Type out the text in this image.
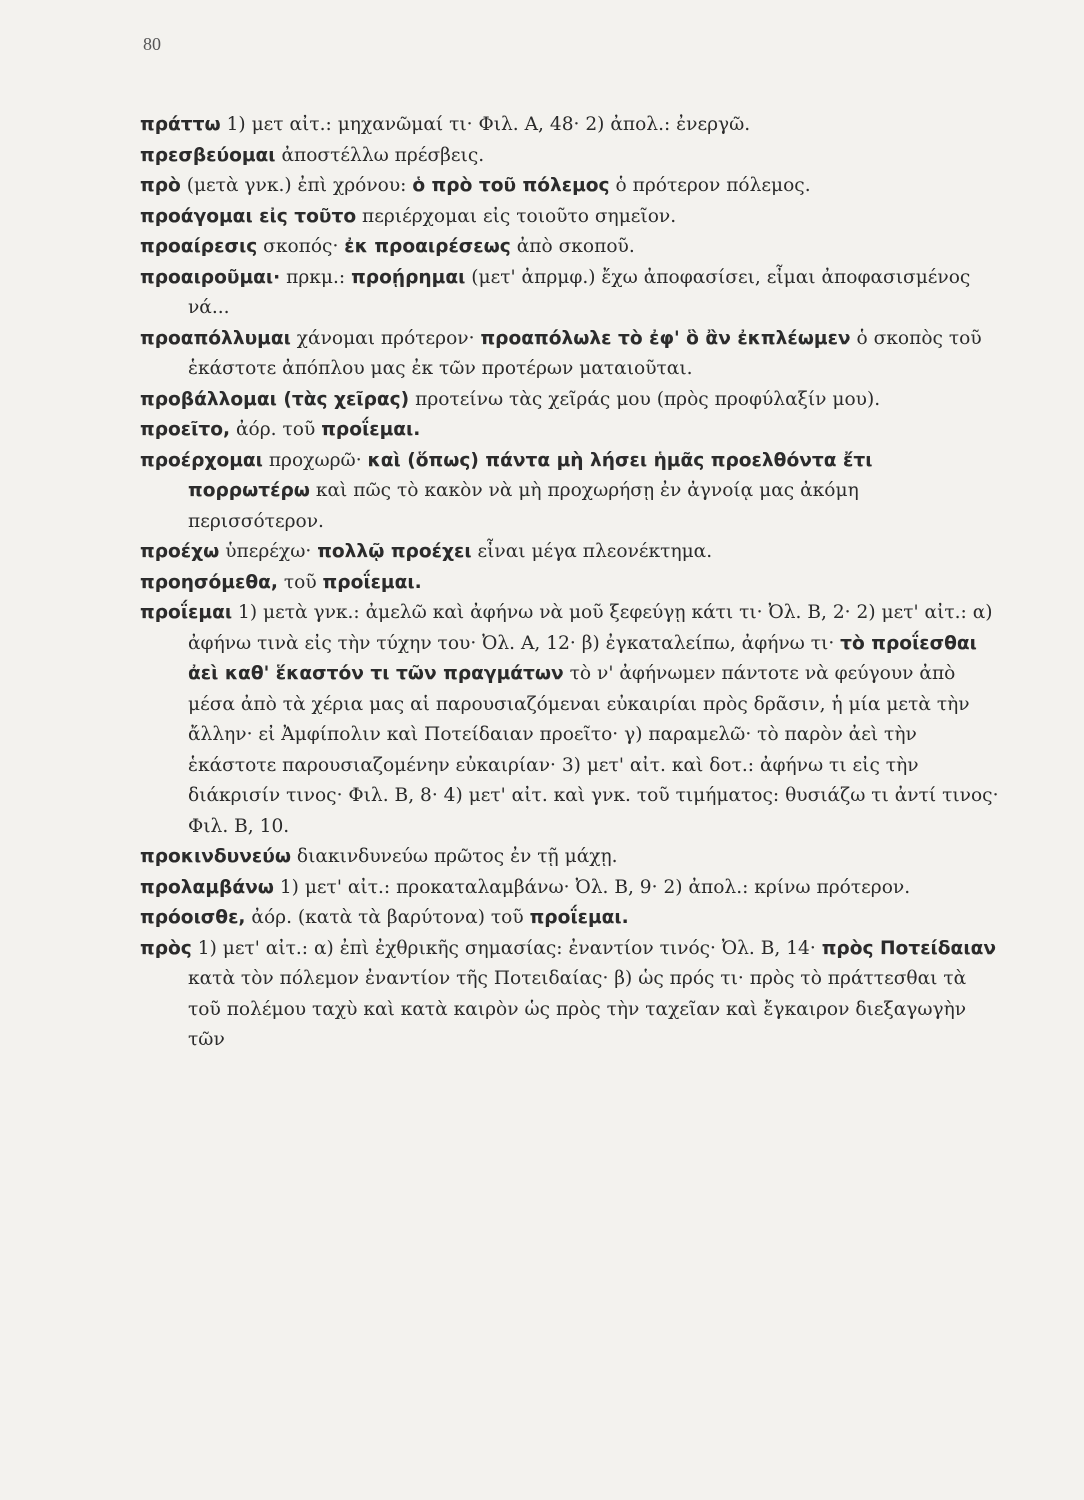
80

πράττω 1) μετ αἰτ.: μηχανῶμαί τι· Φιλ. Α, 48· 2) ἀπολ.: ἐνεργῶ.

πρεσβεύομαι ἀποστέλλω πρέσβεις.

πρὸ (μετὰ γνκ.) ἐπὶ χρόνου: ὁ πρὸ τοῦ πόλεμος ὁ πρότερον πόλεμος.

προάγομαι εἰς τοῦτο περιέρχομαι εἰς τοιοῦτο σημεῖον.

προαίρεσις σκοπός· ἐκ προαιρέσεως ἀπὸ σκοποῦ.

προαιροῦμαι· πρκμ.: προῄρημαι (μετ' ἀπρμφ.) ἔχω ἀποφασίσει, εἶμαι ἀποφασισμένος νά...

προαπόλλυμαι χάνομαι πρότερον· προαπόλωλε τὸ ἐφ' ὃ ἂν ἐκπλέωμεν ὁ σκοπὸς τοῦ ἑκάστοτε ἀπόπλου μας ἐκ τῶν προτέρων ματαιοῦται.

προβάλλομαι (τὰς χεῖρας) προτείνω τὰς χεῖράς μου (πρὸς προφύλαξίν μου).

προεῖτο, ἀόρ. τοῦ προΐεμαι.

προέρχομαι προχωρῶ· καὶ (ὅπως) πάντα μὴ λήσει ἡμᾶς προελθόντα ἔτι πορρωτέρω καὶ πῶς τὸ κακὸν νὰ μὴ προχωρήσῃ ἐν ἀγνοίᾳ μας ἀκόμη περισσότερον.

προέχω ὑπερέχω· πολλῷ προέχει εἶναι μέγα πλεονέκτημα.

προησόμεθα, τοῦ προΐεμαι.

προΐεμαι 1) μετὰ γνκ.: ἀμελῶ καὶ ἀφήνω νὰ μοῦ ξεφεύγῃ κάτι τι· Ὀλ. Β, 2· 2) μετ' αἰτ.: α) ἀφήνω τινὰ εἰς τὴν τύχην του· Ὀλ. Α, 12· β) ἐγκαταλείπω, ἀφήνω τι· τὸ προΐεσθαι ἀεὶ καθ' ἕκαστόν τι τῶν πραγμάτων τὸ ν' ἀφήνωμεν πάντοτε νὰ φεύγουν ἀπὸ μέσα ἀπὸ τὰ χέρια μας αἱ παρουσιαζόμεναι εὐκαιρίαι πρὸς δρᾶσιν, ἡ μία μετὰ τὴν ἄλλην· εἰ Ἀμφίπολιν καὶ Ποτείδαιαν προεῖτο· γ) παραμελῶ· τὸ παρὸν ἀεὶ τὴν ἑκάστοτε παρουσιαζομένην εὐκαιρίαν· 3) μετ' αἰτ. καὶ δοτ.: ἀφήνω τι εἰς τὴν διάκρισίν τινος· Φιλ. Β, 8· 4) μετ' αἰτ. καὶ γνκ. τοῦ τιμήματος: θυσιάζω τι ἀντί τινος· Φιλ. Β, 10.

προκινδυνεύω διακινδυνεύω πρῶτος ἐν τῇ μάχῃ.

προλαμβάνω 1) μετ' αἰτ.: προκαταλαμβάνω· Ὀλ. Β, 9· 2) ἀπολ.: κρίνω πρότερον.

πρόοισθε, ἀόρ. (κατὰ τὰ βαρύτονα) τοῦ προΐεμαι.

πρὸς 1) μετ' αἰτ.: α) ἐπὶ ἐχθρικῆς σημασίας: ἐναντίον τινός· Ὀλ. Β, 14· πρὸς Ποτείδαιαν κατὰ τὸν πόλεμον ἐναντίον τῆς Ποτειδαίας· β) ὡς πρός τι· πρὸς τὸ πράττεσθαι τὰ τοῦ πολέμου ταχὺ καὶ κατὰ καιρὸν ὡς πρὸς τὴν ταχεῖαν καὶ ἔγκαιρον διεξαγωγὴν τῶν
